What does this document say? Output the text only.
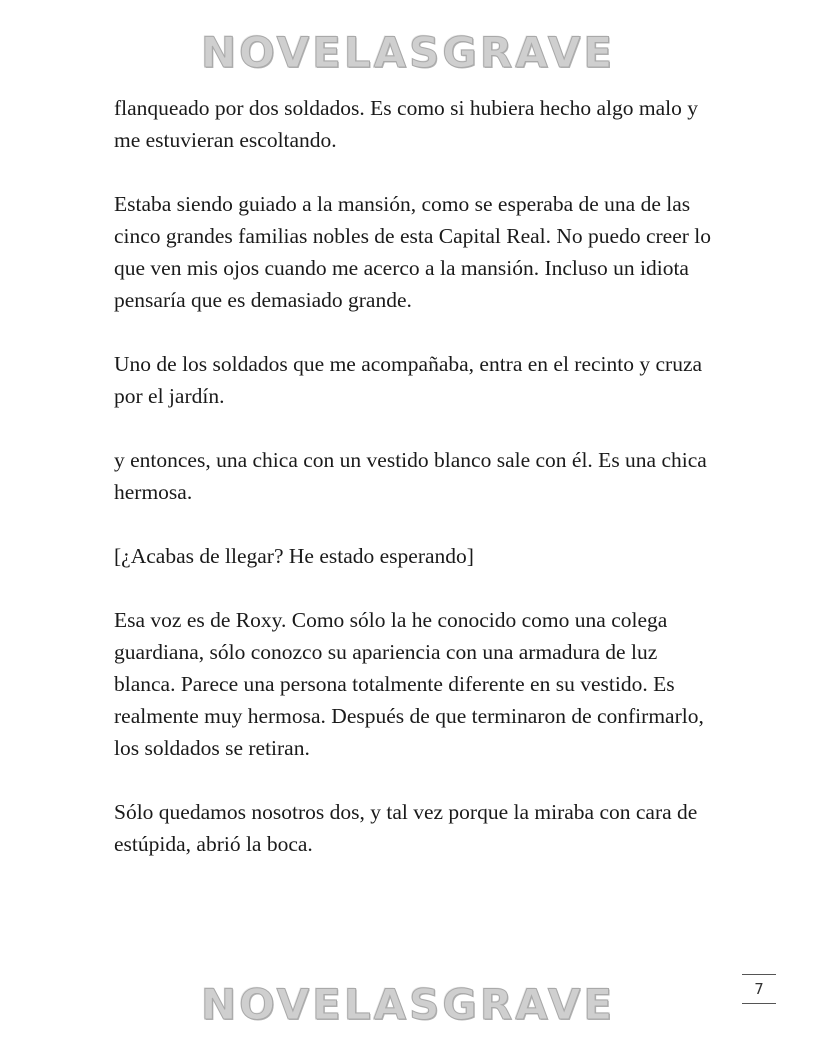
NOVELASGRAVE

flanqueado por dos soldados. Es como si hubiera hecho algo malo y me estuvieran escoltando.

Estaba siendo guiado a la mansión, como se esperaba de una de las cinco grandes familias nobles de esta Capital Real. No puedo creer lo que ven mis ojos cuando me acerco a la mansión. Incluso un idiota pensaría que es demasiado grande.

Uno de los soldados que me acompañaba, entra en el recinto y cruza por el jardín.

y entonces, una chica con un vestido blanco sale con él. Es una chica hermosa.

[¿Acabas de llegar? He estado esperando]

Esa voz es de Roxy. Como sólo la he conocido como una colega guardiana, sólo conozco su apariencia con una armadura de luz blanca. Parece una persona totalmente diferente en su vestido. Es realmente muy hermosa. Después de que terminaron de confirmarlo, los soldados se retiran.

Sólo quedamos nosotros dos, y tal vez porque la miraba con cara de estúpida, abrió la boca.

7
NOVELASGRAVE
